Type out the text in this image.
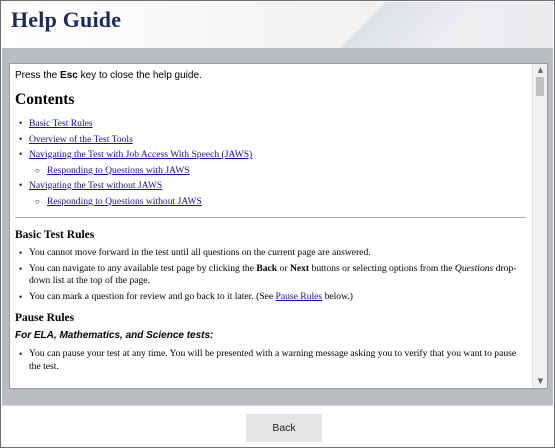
Help Guide

Press the Esc key to close the help guide.

Contents
• Basic Test Rules
• Overview of the Test Tools
• Navigating the Test with Job Access With Speech (JAWS)
○ Responding to Questions with JAWS
• Navigating the Test without JAWS
○ Responding to Questions without JAWS
Basic Test Rules
• You cannot move forward in the test until all questions on the current page are answered.
• You can navigate to any available test page by clicking the Back or Next buttons or selecting options from the Questions drop-down list at the top of the page.
• You can mark a question for review and go back to it later. (See Pause Rules below.)
Pause Rules
For ELA, Mathematics, and Science tests:
• You can pause your test at any time. You will be presented with a warning message asking you to verify that you want to pause the test.
▲
▼
Back
